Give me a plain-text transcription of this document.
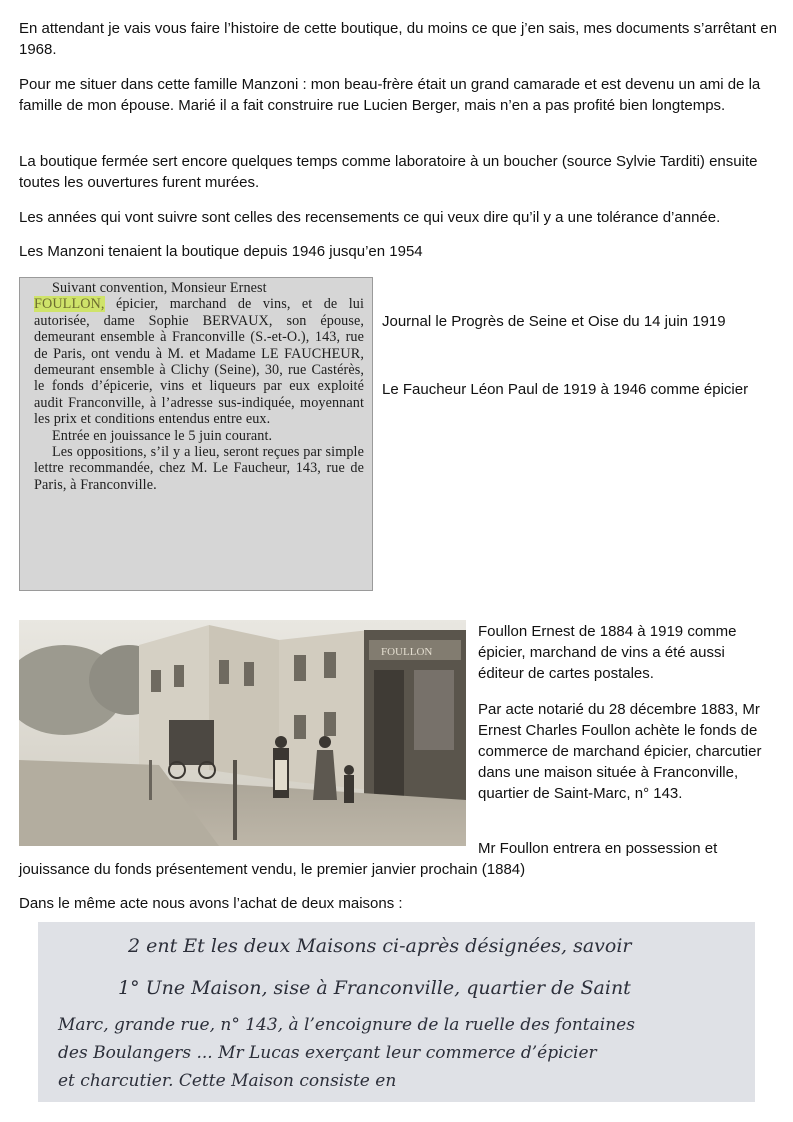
En attendant je vais vous faire l’histoire de cette boutique, du moins ce que j’en sais, mes documents s’arrêtant en 1968.

Pour me situer dans cette famille Manzoni : mon beau-frère était un grand camarade et est devenu un ami de la famille de mon épouse. Marié il a fait construire rue Lucien Berger, mais n’en a pas profité bien longtemps.

La boutique fermée sert encore quelques temps comme laboratoire à un boucher (source Sylvie Tarditi) ensuite toutes les ouvertures furent murées.

Les années qui vont suivre sont celles des recensements ce qui veux dire qu’il y a une tolérance d’année.

Les Manzoni tenaient la boutique depuis 1946 jusqu’en 1954

Suivant convention, Monsieur Ernest
FOULLON, épicier, marchand de vins, et de lui autorisée, dame Sophie BERVAUX, son épouse, demeurant ensemble à Franconville (S.-et-O.), 143, rue de Paris, ont vendu à M. et Madame LE FAUCHEUR, demeurant ensemble à Clichy (Seine), 30, rue Castérès, le fonds d’épicerie, vins et liqueurs par eux exploité audit Franconville, à l’adresse sus-indiquée, moyennant les prix et conditions entendus entre eux.
Entrée en jouissance le 5 juin courant.
Les oppositions, s’il y a lieu, seront reçues par simple lettre recommandée, chez M. Le Faucheur, 143, rue de Paris, à Franconville.

Journal le Progrès de Seine et Oise du 14 juin 1919

Le Faucheur Léon Paul de 1919 à 1946 comme épicier

FOULLON

Foullon Ernest de 1884 à 1919 comme épicier, marchand de vins a été aussi éditeur de cartes postales.

Par acte notarié du 28 décembre 1883, Mr Ernest Charles Foullon achète le fonds de commerce de marchand épicier, charcutier dans une maison située à Franconville, quartier de Saint-Marc, n° 143.

Mr Foullon entrera en possession et

jouissance du fonds présentement vendu, le premier janvier prochain (1884)

Dans le même acte nous avons l’achat de deux maisons :

2 ent Et les deux Maisons ci-après désignées, savoir
1° Une Maison, sise à Franconville, quartier de Saint
Marc, grande rue, n° 143, à l’encoignure de la ruelle des fontaines
des Boulangers ... Mr Lucas exerçant leur commerce d’épicier
et charcutier. Cette Maison consiste en
